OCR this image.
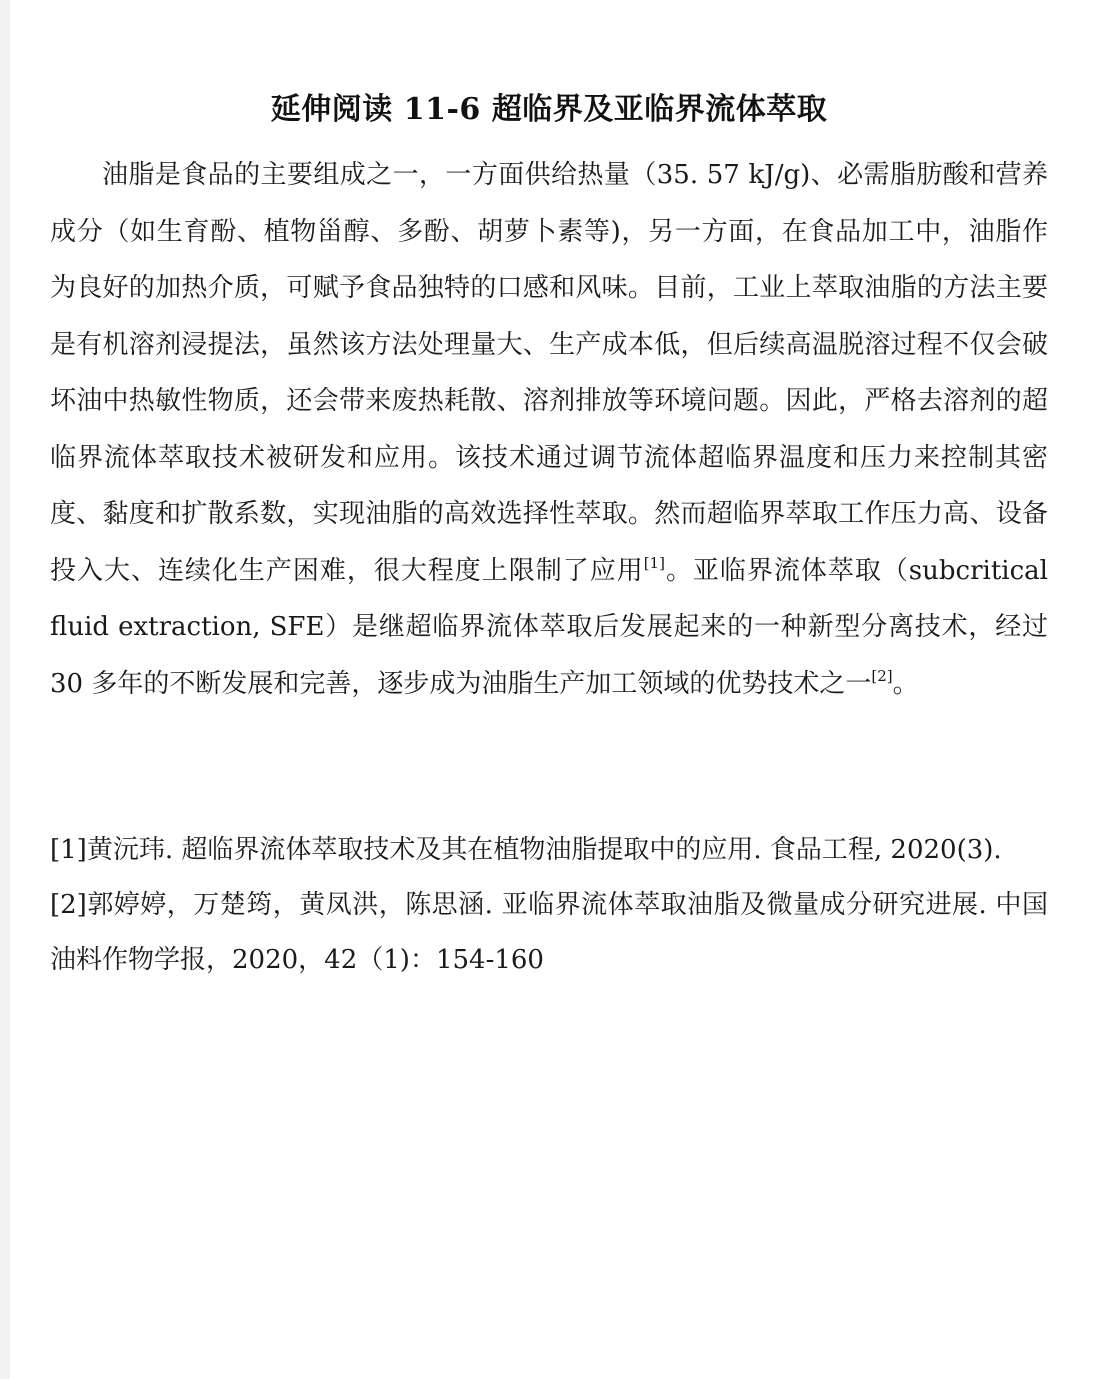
延伸阅读 11-6 超临界及亚临界流体萃取

油脂是食品的主要组成之一，一方面供给热量（35. 57 kJ/g)、必需脂肪酸和营养成分（如生育酚、植物甾醇、多酚、胡萝卜素等)，另一方面，在食品加工中，油脂作为良好的加热介质，可赋予食品独特的口感和风味。目前，工业上萃取油脂的方法主要是有机溶剂浸提法，虽然该方法处理量大、生产成本低，但后续高温脱溶过程不仅会破坏油中热敏性物质，还会带来废热耗散、溶剂排放等环境问题。因此，严格去溶剂的超临界流体萃取技术被研发和应用。该技术通过调节流体超临界温度和压力来控制其密度、黏度和扩散系数，实现油脂的高效选择性萃取。然而超临界萃取工作压力高、设备投入大、连续化生产困难，很大程度上限制了应用[1]。亚临界流体萃取（subcritical fluid extraction, SFE）是继超临界流体萃取后发展起来的一种新型分离技术，经过 30 多年的不断发展和完善，逐步成为油脂生产加工领域的优势技术之一[2]。

[1]黄沅玮. 超临界流体萃取技术及其在植物油脂提取中的应用. 食品工程, 2020(3).

[2]郭婷婷，万楚筠，黄凤洪，陈思涵. 亚临界流体萃取油脂及微量成分研究进展. 中国油料作物学报，2020，42（1)：154-160
